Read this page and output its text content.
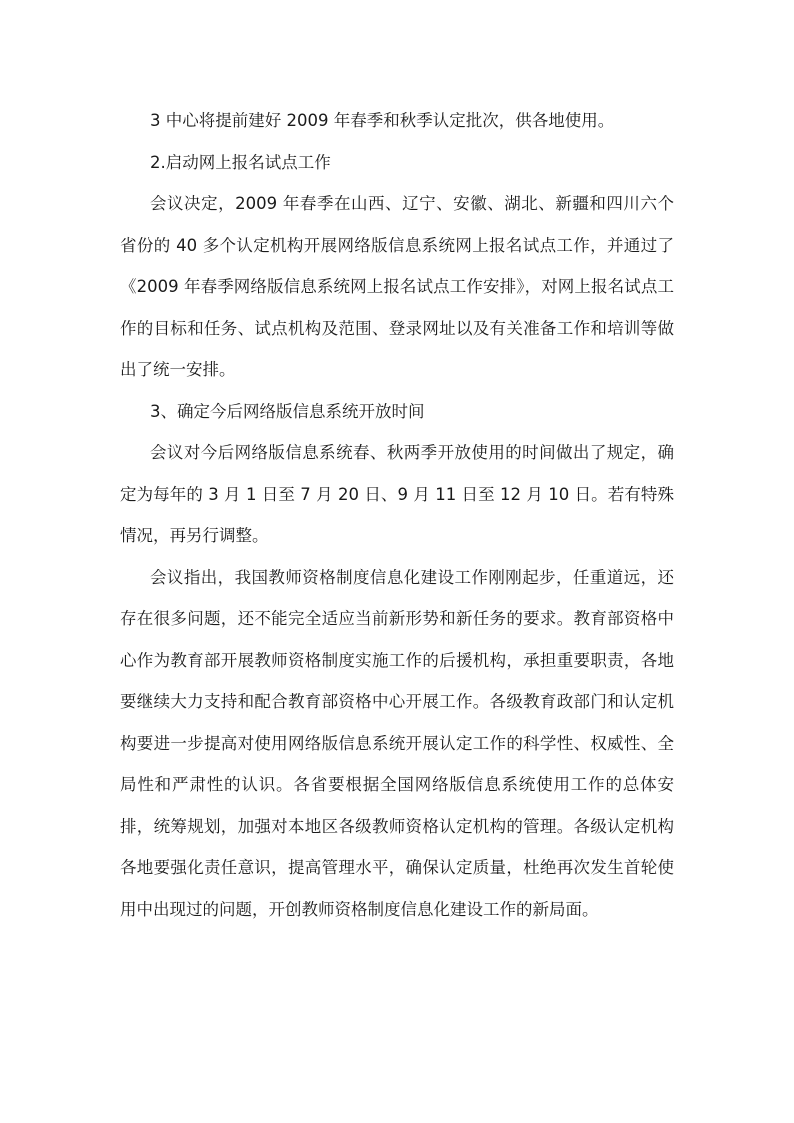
3 中心将提前建好 2009 年春季和秋季认定批次，供各地使用。

2.启动网上报名试点工作

会议决定，2009 年春季在山西、辽宁、安徽、湖北、新疆和四川六个省份的 40 多个认定机构开展网络版信息系统网上报名试点工作，并通过了《2009 年春季网络版信息系统网上报名试点工作安排》，对网上报名试点工作的目标和任务、试点机构及范围、登录网址以及有关准备工作和培训等做出了统一安排。

3、确定今后网络版信息系统开放时间

会议对今后网络版信息系统春、秋两季开放使用的时间做出了规定，确定为每年的 3 月 1 日至 7 月 20 日、9 月 11 日至 12 月 10 日。若有特殊情况，再另行调整。

会议指出，我国教师资格制度信息化建设工作刚刚起步，任重道远，还存在很多问题，还不能完全适应当前新形势和新任务的要求。教育部资格中心作为教育部开展教师资格制度实施工作的后援机构，承担重要职责，各地要继续大力支持和配合教育部资格中心开展工作。各级教育政部门和认定机构要进一步提高对使用网络版信息系统开展认定工作的科学性、权威性、全局性和严肃性的认识。各省要根据全国网络版信息系统使用工作的总体安排，统筹规划，加强对本地区各级教师资格认定机构的管理。各级认定机构各地要强化责任意识，提高管理水平，确保认定质量，杜绝再次发生首轮使用中出现过的问题，开创教师资格制度信息化建设工作的新局面。
